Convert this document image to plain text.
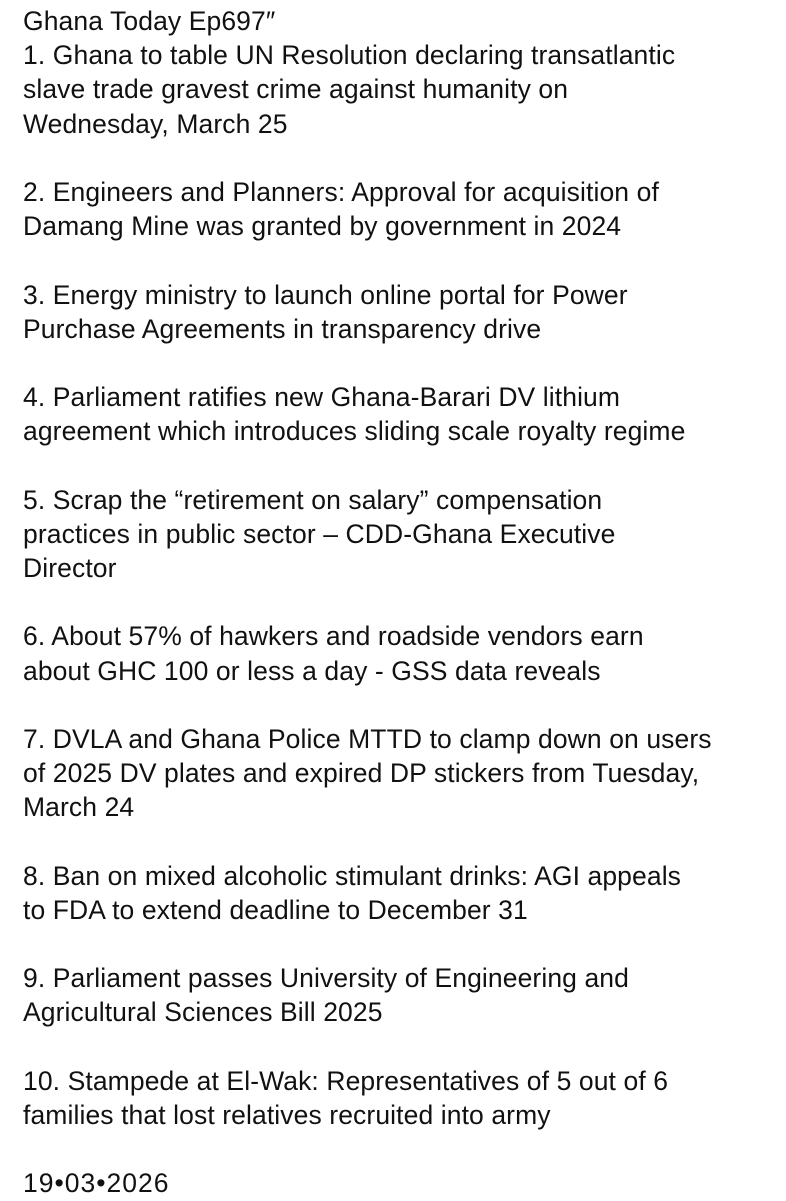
Ghana Today Ep697″
1. Ghana to table UN Resolution declaring transatlantic
slave trade gravest crime against humanity on
Wednesday, March 25
2. Engineers and Planners: Approval for acquisition of
Damang Mine was granted by government in 2024
3. Energy ministry to launch online portal for Power
Purchase Agreements in transparency drive
4. Parliament ratifies new Ghana-Barari DV lithium
agreement which introduces sliding scale royalty regime
5. Scrap the “retirement on salary” compensation
practices in public sector – CDD-Ghana Executive
Director
6. About 57% of hawkers and roadside vendors earn
about GHC 100 or less a day - GSS data reveals
7. DVLA and Ghana Police MTTD to clamp down on users
of 2025 DV plates and expired DP stickers from Tuesday,
March 24
8. Ban on mixed alcoholic stimulant drinks: AGI appeals
to FDA to extend deadline to December 31
9. Parliament passes University of Engineering and
Agricultural Sciences Bill 2025
10. Stampede at El-Wak: Representatives of 5 out of 6
families that lost relatives recruited into army
19•03•2026
